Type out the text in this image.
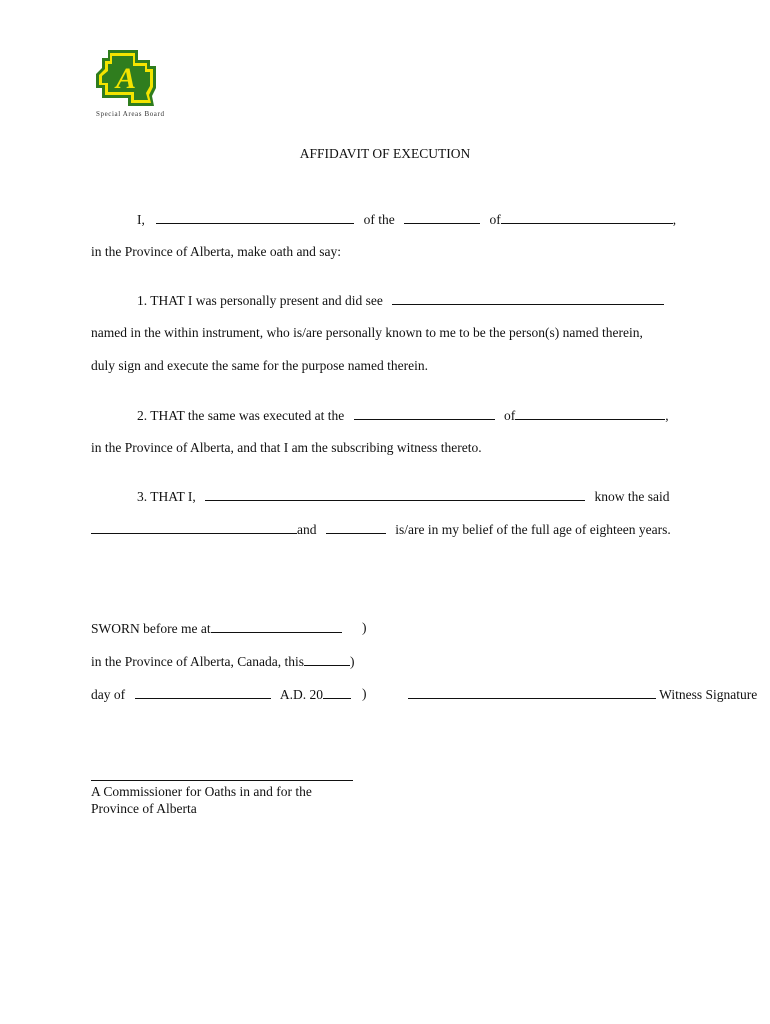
A
Special Areas Board
AFFIDAVIT OF EXECUTION
I,	of the	of	,
in the Province of Alberta, make oath and say:
1. THAT I was personally present and did see
named in the within instrument, who is/are personally known to me to be the person(s) named therein,
duly sign and execute the same for the purpose named therein.
2. THAT the same was executed at the	of	,
in the Province of Alberta, and that I am the subscribing witness thereto.
3. THAT I,	know the said
and	is/are in my belief of the full age of eighteen years.
SWORN before me at	)
in the Province of Alberta, Canada, this	)
day of	A.D. 20	)	Witness Signature
A Commissioner for Oaths in and for the
Province of Alberta
